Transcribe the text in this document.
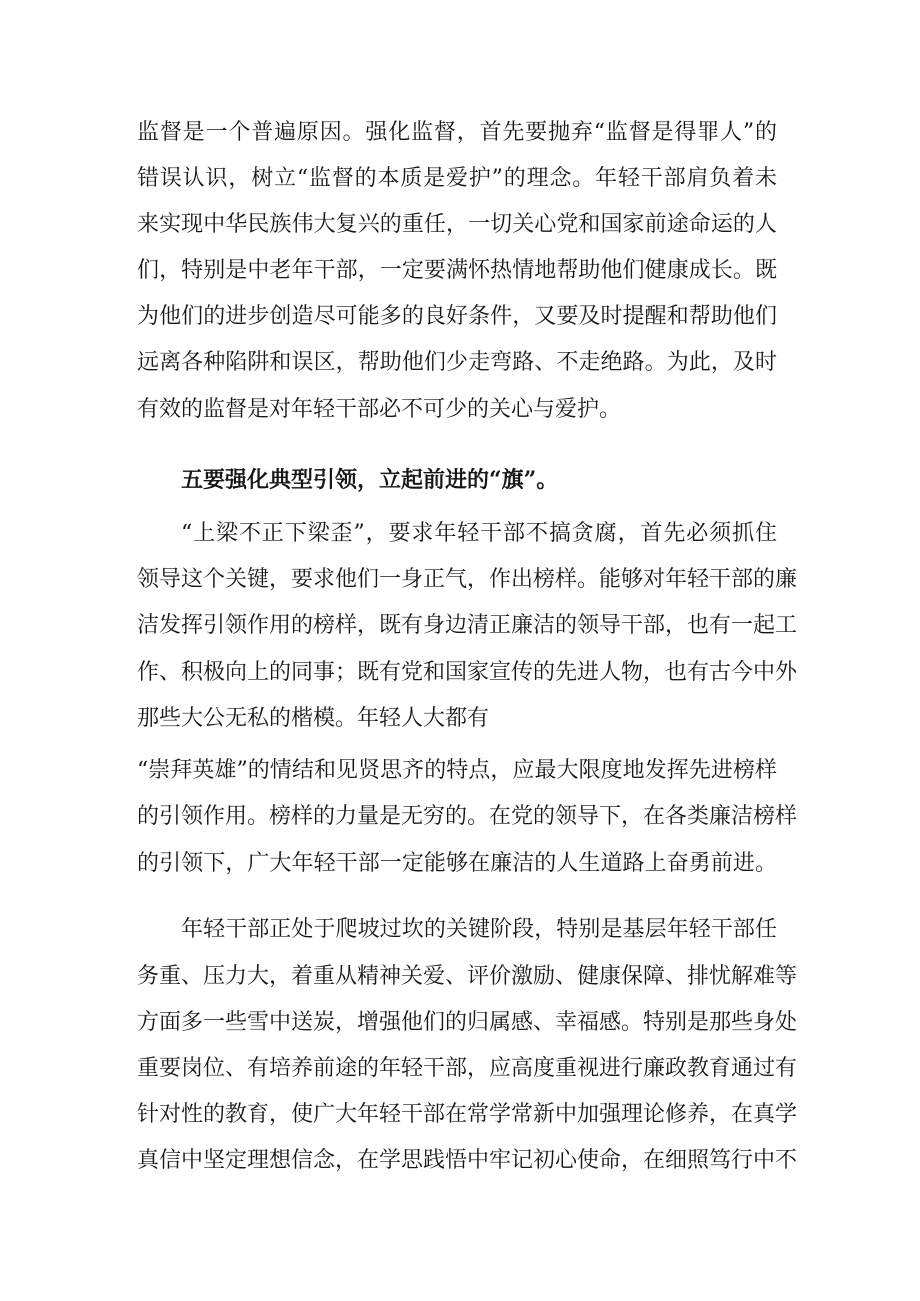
监督是一个普遍原因。强化监督，首先要抛弃“监督是得罪人”的
错误认识，树立“监督的本质是爱护”的理念。年轻干部肩负着未
来实现中华民族伟大复兴的重任，一切关心党和国家前途命运的人
们，特别是中老年干部，一定要满怀热情地帮助他们健康成长。既
为他们的进步创造尽可能多的良好条件，又要及时提醒和帮助他们
远离各种陷阱和误区，帮助他们少走弯路、不走绝路。为此，及时
有效的监督是对年轻干部必不可少的关心与爱护。
五要强化典型引领，立起前进的“旗”。
“上梁不正下梁歪”，要求年轻干部不搞贪腐，首先必须抓住
领导这个关键，要求他们一身正气，作出榜样。能够对年轻干部的廉
洁发挥引领作用的榜样，既有身边清正廉洁的领导干部，也有一起工
作、积极向上的同事；既有党和国家宣传的先进人物，也有古今中外
那些大公无私的楷模。年轻人大都有
“崇拜英雄”的情结和见贤思齐的特点，应最大限度地发挥先进榜样
的引领作用。榜样的力量是无穷的。在党的领导下，在各类廉洁榜样
的引领下，广大年轻干部一定能够在廉洁的人生道路上奋勇前进。
年轻干部正处于爬坡过坎的关键阶段，特别是基层年轻干部任
务重、压力大，着重从精神关爱、评价激励、健康保障、排忧解难等
方面多一些雪中送炭，增强他们的归属感、幸福感。特别是那些身处
重要岗位、有培养前途的年轻干部，应高度重视进行廉政教育通过有
针对性的教育，使广大年轻干部在常学常新中加强理论修养，在真学
真信中坚定理想信念，在学思践悟中牢记初心使命，在细照笃行中不
